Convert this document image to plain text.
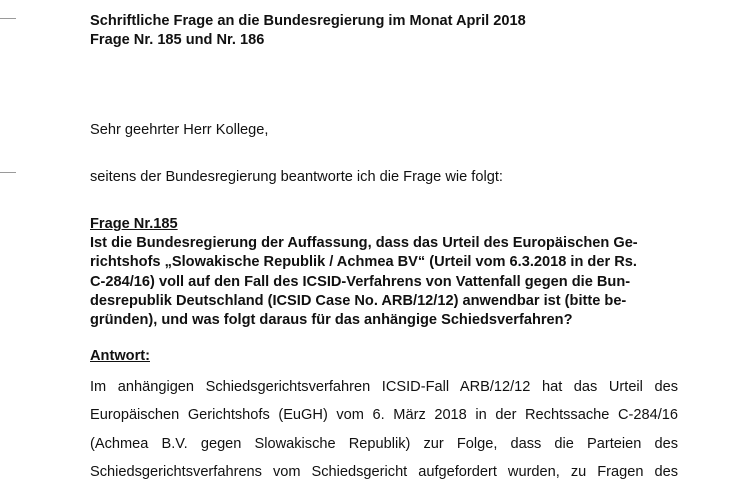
Schriftliche Frage an die Bundesregierung im Monat April 2018
Frage Nr. 185 und Nr. 186
Sehr geehrter Herr Kollege,
seitens der Bundesregierung beantworte ich die Frage wie folgt:
Frage Nr.185
Ist die Bundesregierung der Auffassung, dass das Urteil des Europäischen Ge-
richtshofs „Slowakische Republik / Achmea BV“ (Urteil vom 6.3.2018 in der Rs.
C-284/16) voll auf den Fall des ICSID-Verfahrens von Vattenfall gegen die Bun-
desrepublik Deutschland (ICSID Case No. ARB/12/12) anwendbar ist (bitte be-
gründen), und was folgt daraus für das anhängige Schiedsverfahren?
Antwort:
Im anhängigen Schiedsgerichtsverfahren ICSID-Fall ARB/12/12 hat das Urteil des
Europäischen Gerichtshofs (EuGH) vom 6. März 2018 in der Rechtssache C-284/16
(Achmea B.V. gegen Slowakische Republik) zur Folge, dass die Parteien des
Schiedsgerichtsverfahrens vom Schiedsgericht aufgefordert wurden, zu Fragen des
